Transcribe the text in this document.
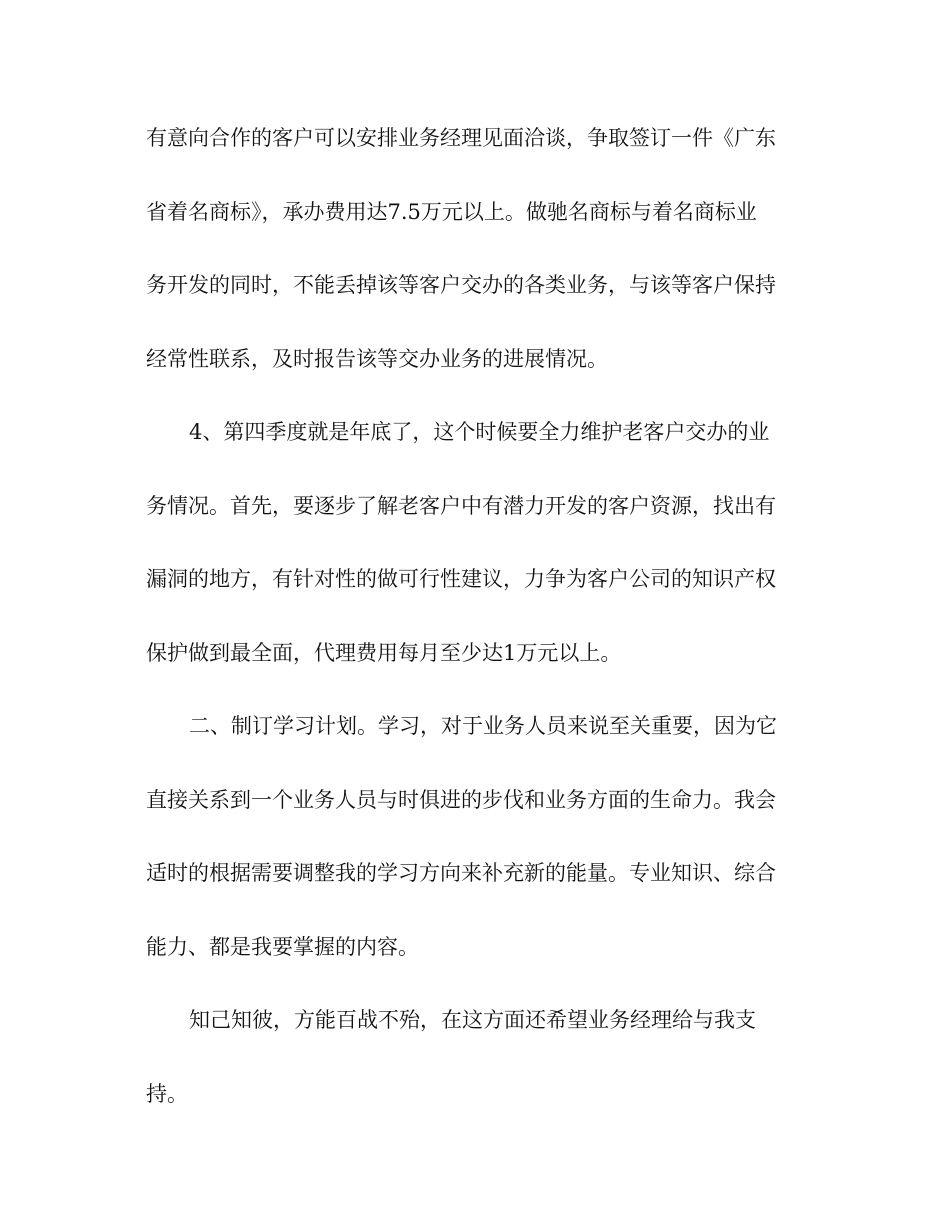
有意向合作的客户可以安排业务经理见面洽谈，争取签订一件《广东
省着名商标》，承办费用达7.5万元以上。做驰名商标与着名商标业
务开发的同时，不能丢掉该等客户交办的各类业务，与该等客户保持
经常性联系，及时报告该等交办业务的进展情况。
4、第四季度就是年底了，这个时候要全力维护老客户交办的业
务情况。首先，要逐步了解老客户中有潜力开发的客户资源，找出有
漏洞的地方，有针对性的做可行性建议，力争为客户公司的知识产权
保护做到最全面，代理费用每月至少达1万元以上。
二、制订学习计划。学习，对于业务人员来说至关重要，因为它
直接关系到一个业务人员与时俱进的步伐和业务方面的生命力。我会
适时的根据需要调整我的学习方向来补充新的能量。专业知识、综合
能力、都是我要掌握的内容。
知己知彼，方能百战不殆，在这方面还希望业务经理给与我支
持。
